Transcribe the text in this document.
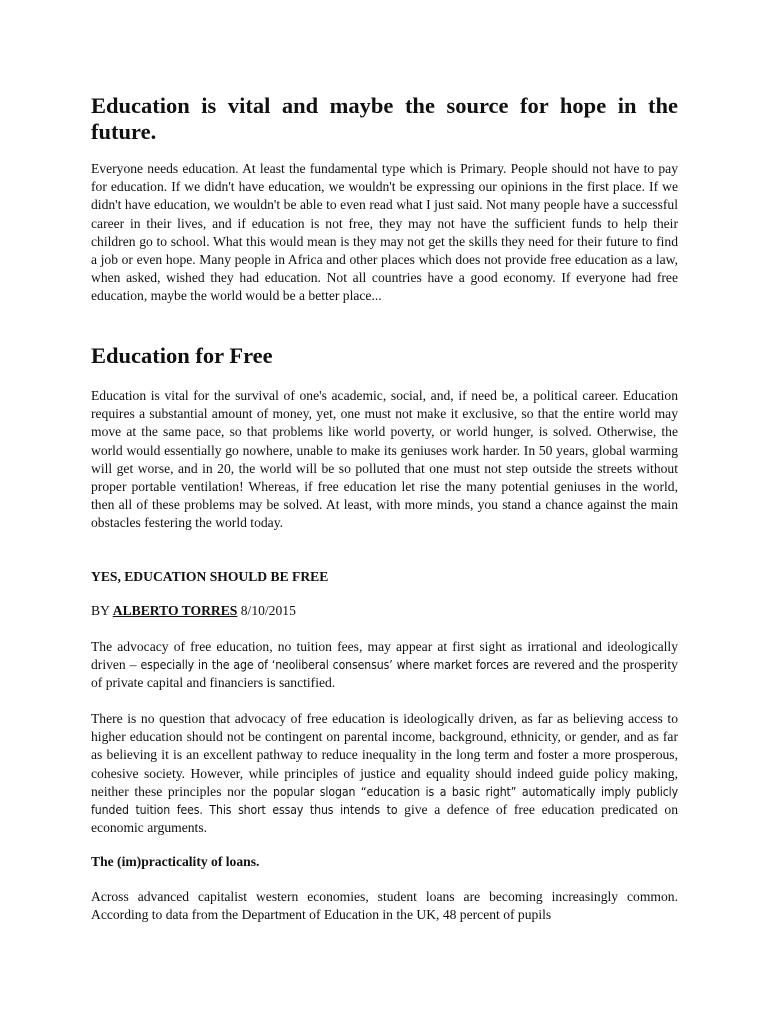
Education is vital and maybe the source for hope in the future.

Everyone needs education. At least the fundamental type which is Primary. People should not have to pay for education. If we didn't have education, we wouldn't be expressing our opinions in the first place. If we didn't have education, we wouldn't be able to even read what I just said. Not many people have a successful career in their lives, and if education is not free, they may not have the sufficient funds to help their children go to school. What this would mean is they may not get the skills they need for their future to find a job or even hope. Many people in Africa and other places which does not provide free education as a law, when asked, wished they had education. Not all countries have a good economy. If everyone had free education, maybe the world would be a better place...

Education for Free

Education is vital for the survival of one's academic, social, and, if need be, a political career. Education requires a substantial amount of money, yet, one must not make it exclusive, so that the entire world may move at the same pace, so that problems like world poverty, or world hunger, is solved. Otherwise, the world would essentially go nowhere, unable to make its geniuses work harder. In 50 years, global warming will get worse, and in 20, the world will be so polluted that one must not step outside the streets without proper portable ventilation! Whereas, if free education let rise the many potential geniuses in the world, then all of these problems may be solved. At least, with more minds, you stand a chance against the main obstacles festering the world today.

YES, EDUCATION SHOULD BE FREE

BY ALBERTO TORRES 8/10/2015

The advocacy of free education, no tuition fees, may appear at first sight as irrational and ideologically driven – especially in the age of ‘neoliberal consensus’ where market forces are revered and the prosperity of private capital and financiers is sanctified.

There is no question that advocacy of free education is ideologically driven, as far as believing access to higher education should not be contingent on parental income, background, ethnicity, or gender, and as far as believing it is an excellent pathway to reduce inequality in the long term and foster a more prosperous, cohesive society. However, while principles of justice and equality should indeed guide policy making, neither these principles nor the popular slogan “education is a basic right” automatically imply publicly funded tuition fees. This short essay thus intends to give a defence of free education predicated on economic arguments.

The (im)practicality of loans.

Across advanced capitalist western economies, student loans are becoming increasingly common. According to data from the Department of Education in the UK, 48 percent of pupils
